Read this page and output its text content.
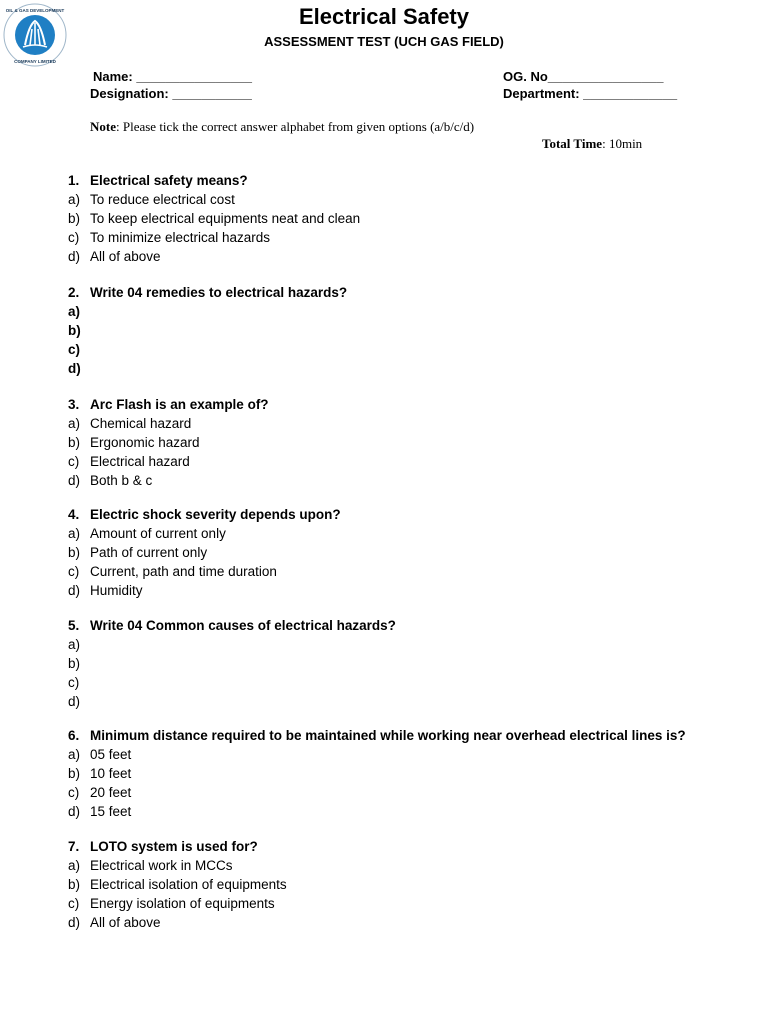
OIL & GAS DEVELOPMENT
COMPANY LIMITED
Electrical Safety
ASSESSMENT TEST (UCH GAS FIELD)
Name: ________________
Designation: ___________
OG. No________________
Department: _____________
Note: Please tick the correct answer alphabet from given options (a/b/c/d)
Total Time: 10min
1. Electrical safety means?
a) To reduce electrical cost
b) To keep electrical equipments neat and clean
c) To minimize electrical hazards
d) All of above
2. Write 04 remedies to electrical hazards?
a)
b)
c)
d)
3. Arc Flash is an example of?
a) Chemical hazard
b) Ergonomic hazard
c) Electrical hazard
d) Both b & c
4. Electric shock severity depends upon?
a) Amount of current only
b) Path of current only
c) Current, path and time duration
d) Humidity
5. Write 04 Common causes of electrical hazards?
a)
b)
c)
d)
6. Minimum distance required to be maintained while working near overhead electrical lines is?
a) 05 feet
b) 10 feet
c) 20 feet
d) 15 feet
7. LOTO system is used for?
a) Electrical work in MCCs
b) Electrical isolation of equipments
c) Energy isolation of equipments
d) All of above
